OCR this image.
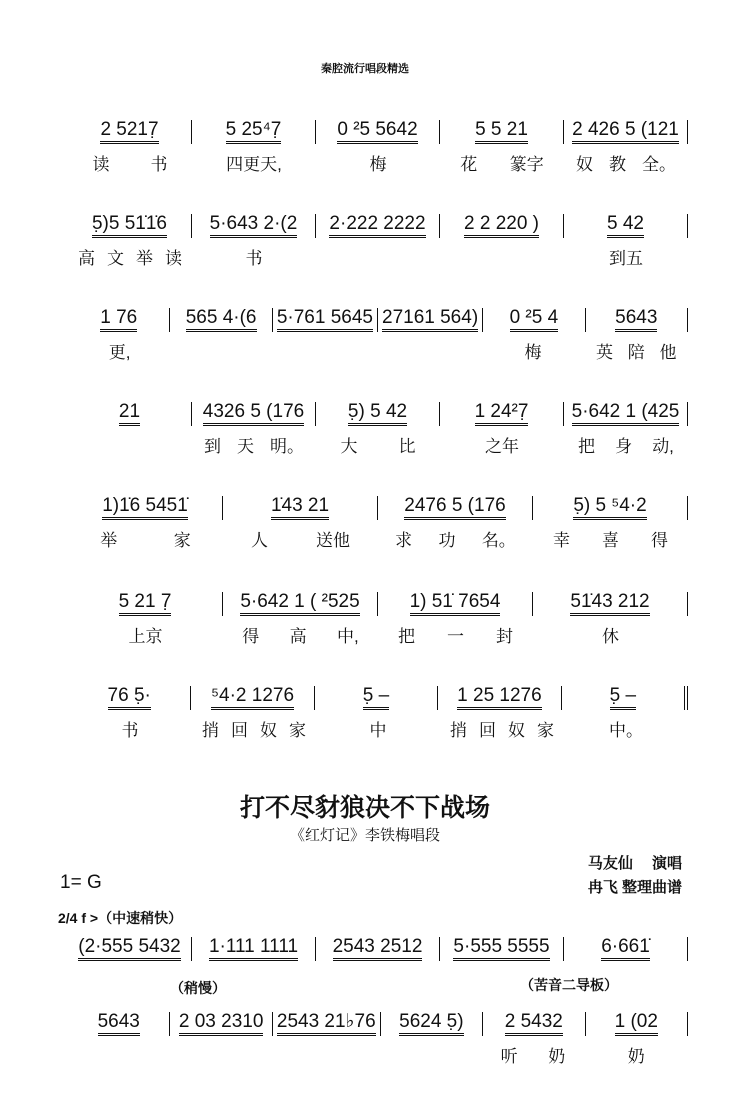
秦腔流行唱段精选
2 5217̣	5 25⁴7̣	0 ²5 5642	5 5 21 2 426 5 (121
读 书	四更天,	梅	花 篆字 奴 教 全。
5̣)5 51̇1̇6 5·643 2·(2 2·222 2222 2 2 220 )	5 42
高 文 举 读	书	到五
1 76	565 4·(6 5·761 5645 27161 564) 0 ²5 4	5643
更,	梅	英 陪 他
21	4326 5 (176 5̣) 5 42	1 24²7̣ 5·642 1 (425
到 天 明。 大 比	之年	把 身 动,
1)1̇6 5451̇	1̇43 21	2476 5 (176	5̣) 5 ⁵4·2
举	家	人	送他	求 功 名。 幸 喜 得
5 21 7̣	5·642 1 ( ²525	1) 51̇ 7654	51̇43 212
上京	得 高 中, 把 一 封	休
76 5̣·	⁵4·2 1276	5̣ –	1 25 1276	5̣ –
书	捎 回 奴 家	中	捎 回 奴 家	中。
(2·555 5432 1·111 1111 2543 2512 5·555 5555	6·661̇
5643 2 03 2310 2543 21♭76 5624 5̣) 2 5432	1 (02
听 奶	奶
打不尽豺狼决不下战场
《红灯记》李铁梅唱段
马友仙　 演唱
冉飞 整理曲谱
1= G
2/4 f >（中速稍快）
（稍慢）	（苦音二导板）
